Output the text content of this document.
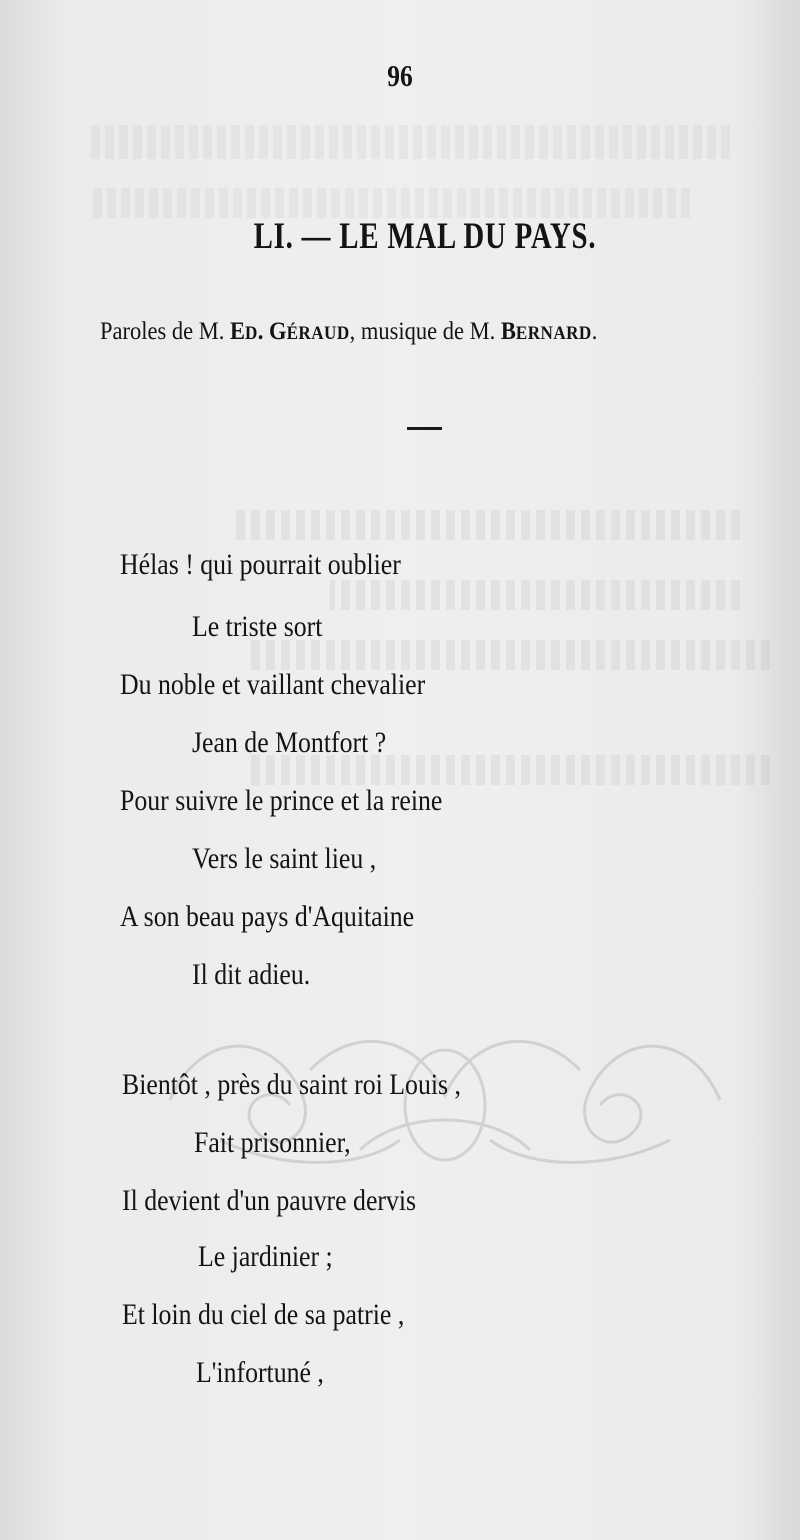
96
LI. — LE MAL DU PAYS.
Paroles de M. ED. GÉRAUD, musique de M. BERNARD.
Hélas ! qui pourrait oublier
Le triste sort
Du noble et vaillant chevalier
Jean de Montfort ?
Pour suivre le prince et la reine
Vers le saint lieu ,
A son beau pays d'Aquitaine
Il dit adieu.
Bientôt , près du saint roi Louis ,
Fait prisonnier,
Il devient d'un pauvre dervis
Le jardinier ;
Et loin du ciel de sa patrie ,
L'infortuné ,
